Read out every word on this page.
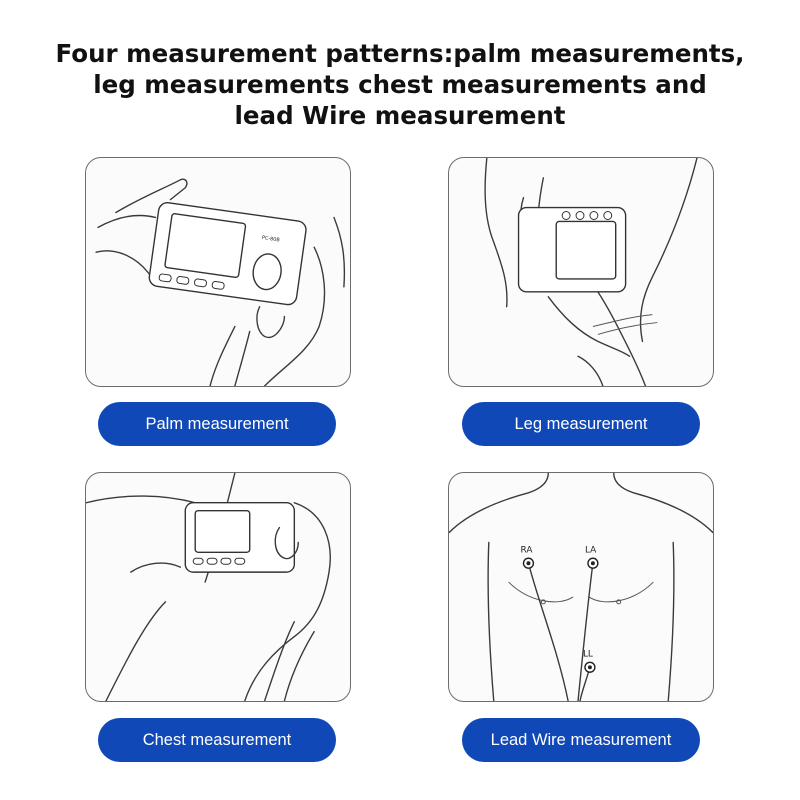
Four measurement patterns:palm measurements,
leg measurements chest measurements and
lead Wire measurement
PC-80B
RA	LA
LL
Palm measurement	Leg measurement
Chest measurement	Lead Wire measurement
